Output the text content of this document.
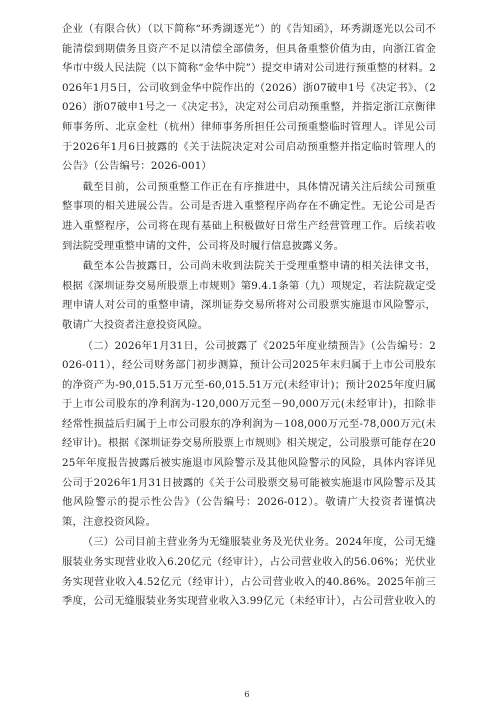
企业（有限合伙）（以下简称“环秀湖逐光”）的《告知函》，环秀湖逐光以公司不能清偿到期债务且资产不足以清偿全部债务，但具备重整价值为由，向浙江省金华市中级人民法院（以下简称“金华中院”）提交申请对公司进行预重整的材料。2026年1月5日，公司收到金华中院作出的（2026）浙07破申1号《决定书》、（2026）浙07破申1号之一《决定书》，决定对公司启动预重整，并指定浙江京衡律师事务所、北京金杜（杭州）律师事务所担任公司预重整临时管理人。详见公司于2026年1月6日披露的《关于法院决定对公司启动预重整并指定临时管理人的公告》（公告编号：2026-001）

截至目前，公司预重整工作正在有序推进中，具体情况请关注后续公司预重整事项的相关进展公告。公司是否进入重整程序尚存在不确定性。无论公司是否进入重整程序，公司将在现有基础上积极做好日常生产经营管理工作。后续若收到法院受理重整申请的文件，公司将及时履行信息披露义务。

截至本公告披露日，公司尚未收到法院关于受理重整申请的相关法律文书，根据《深圳证券交易所股票上市规则》第9.4.1条第（九）项规定，若法院裁定受理申请人对公司的重整申请，深圳证券交易所将对公司股票实施退市风险警示，敬请广大投资者注意投资风险。

（二）2026年1月31日，公司披露了《2025年度业绩预告》（公告编号：2026-011），经公司财务部门初步测算，预计公司2025年末归属于上市公司股东的净资产为-90,015.51万元至-60,015.51万元(未经审计)；预计2025年度归属于上市公司股东的净利润为-120,000万元至－90,000万元(未经审计)，扣除非经常性损益后归属于上市公司股东的净利润为－108,000万元至-78,000万元(未经审计)。根据《深圳证券交易所股票上市规则》相关规定，公司股票可能存在2025年年度报告披露后被实施退市风险警示及其他风险警示的风险，具体内容详见公司于2026年1月31日披露的《关于公司股票交易可能被实施退市风险警示及其他风险警示的提示性公告》（公告编号：2026-012）。敬请广大投资者谨慎决策，注意投资风险。

（三）公司目前主营业务为无缝服装业务及光伏业务。2024年度，公司无缝服装业务实现营业收入6.20亿元（经审计），占公司营业收入的56.06%；光伏业务实现营业收入4.52亿元（经审计），占公司营业收入的40.86%。2025年前三季度，公司无缝服装业务实现营业收入3.99亿元（未经审计），占公司营业收入的

6
